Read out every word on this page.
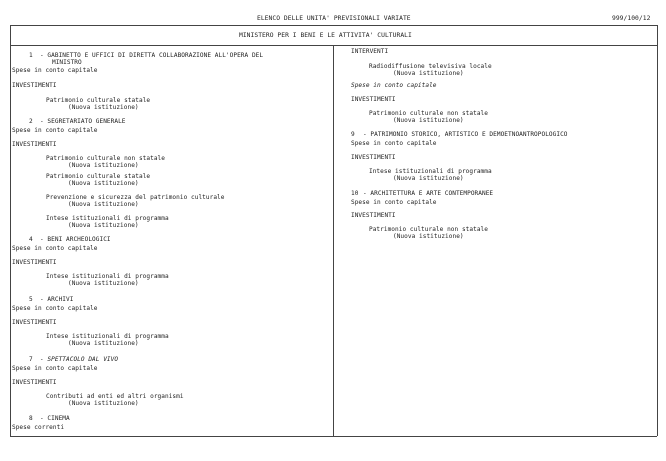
ELENCO DELLE UNITA' PREVISIONALI VARIATE	999/100/12
MINISTERO PER I BENI E LE ATTIVITA' CULTURALI
1 - GABINETTO E UFFICI DI DIRETTA COLLABORAZIONE ALL'OPERA DEL
MINISTRO
Spese in conto capitale
INVESTIMENTI
Patrimonio culturale statale
(Nuova istituzione)
2 - SEGRETARIATO GENERALE
Spese in conto capitale
INVESTIMENTI
Patrimonio culturale non statale
(Nuova istituzione)
Patrimonio culturale statale
(Nuova istituzione)
Prevenzione e sicurezza del patrimonio culturale
(Nuova istituzione)
Intese istituzionali di programma
(Nuova istituzione)
4 - BENI ARCHEOLOGICI
Spese in conto capitale
INVESTIMENTI
Intese istituzionali di programma
(Nuova istituzione)
5 - ARCHIVI
Spese in conto capitale
INVESTIMENTI
Intese istituzionali di programma
(Nuova istituzione)
7 - SPETTACOLO DAL VIVO
Spese in conto capitale
INVESTIMENTI
Contributi ad enti ed altri organismi
(Nuova istituzione)
8 - CINEMA
Spese correnti
INTERVENTI
Radiodiffusione televisiva locale
(Nuova istituzione)
Spese in conto capitale
INVESTIMENTI
Patrimonio culturale non statale
(Nuova istituzione)
9 - PATRIMONIO STORICO, ARTISTICO E DEMOETNOANTROPOLOGICO
Spese in conto capitale
INVESTIMENTI
Intese istituzionali di programma
(Nuova istituzione)
10 - ARCHITETTURA E ARTE CONTEMPORANEE
Spese in conto capitale
INVESTIMENTI
Patrimonio culturale non statale
(Nuova istituzione)
